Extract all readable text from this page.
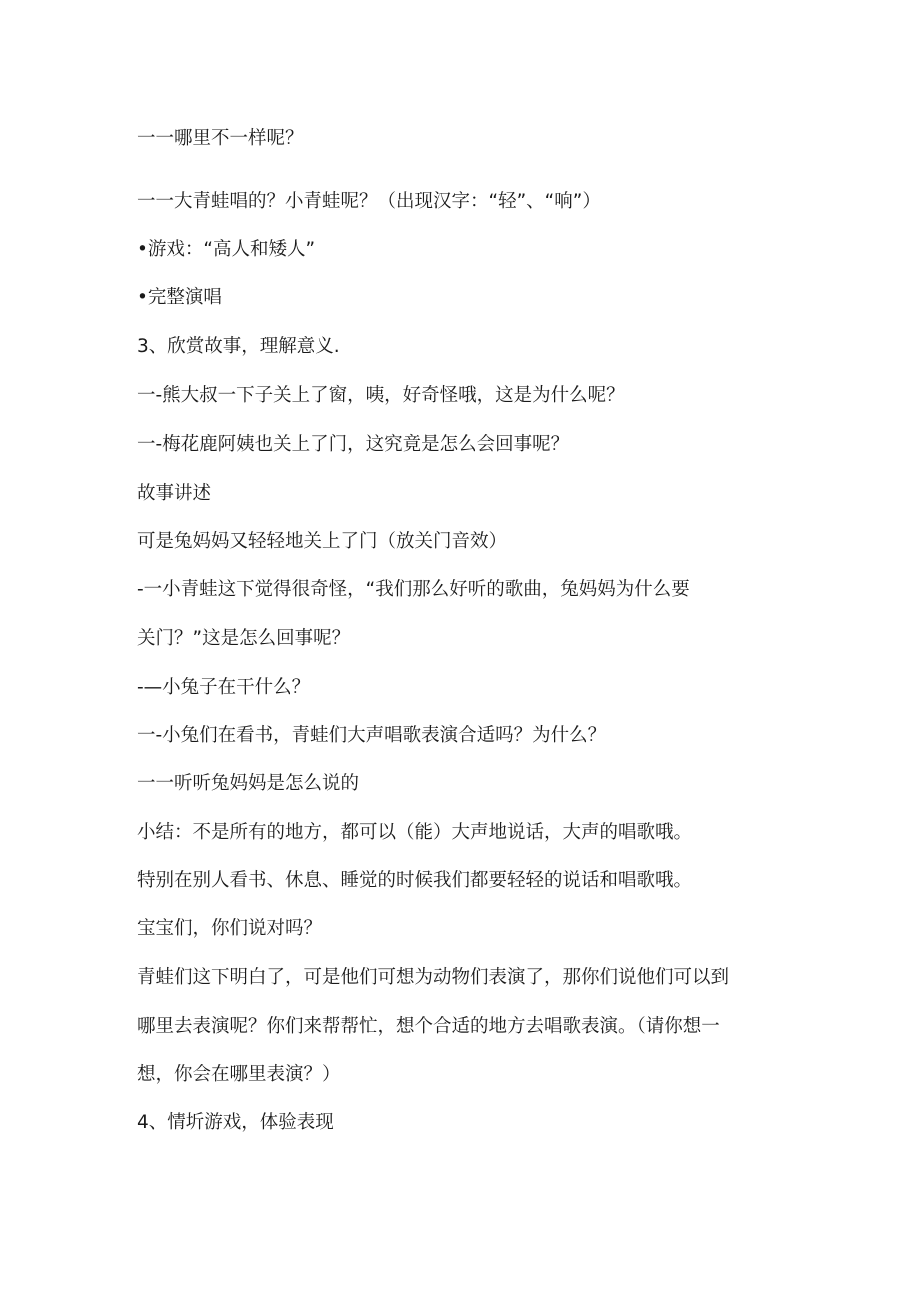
一一哪里不一样呢？
一一大青蛙唱的？小青蛙呢？（出现汉字：“轻”、“响”）
•游戏：“高人和矮人”
•完整演唱
3、欣赏故事，理解意义.
一-熊大叔一下子关上了窗，咦，好奇怪哦，这是为什么呢？
一-梅花鹿阿姨也关上了门，这究竟是怎么会回事呢？
故事讲述
可是兔妈妈又轻轻地关上了门（放关门音效）
-一小青蛙这下觉得很奇怪，“我们那么好听的歌曲，兔妈妈为什么要
关门？”这是怎么回事呢？
-—小兔子在干什么？
一-小兔们在看书，青蛙们大声唱歌表演合适吗？为什么？
一一听听兔妈妈是怎么说的
小结：不是所有的地方，都可以（能）大声地说话，大声的唱歌哦。
特别在别人看书、休息、睡觉的时候我们都要轻轻的说话和唱歌哦。
宝宝们，你们说对吗？
青蛙们这下明白了，可是他们可想为动物们表演了，那你们说他们可以到
哪里去表演呢？你们来帮帮忙，想个合适的地方去唱歌表演。（请你想一
想，你会在哪里表演？）
4、情圻游戏，体验表现
